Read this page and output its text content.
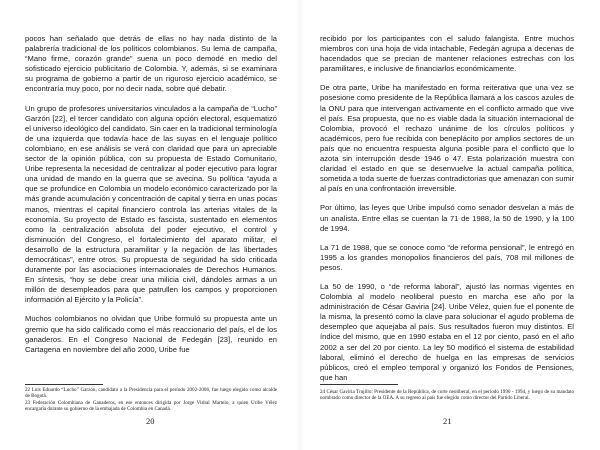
pocos han señalado que detrás de ellas no hay nada distinto de la palabrería tradicional de los políticos colombianos. Su lema de campaña, “Mano firme, corazón grande” suena un poco demodé en medio del sofisticado ejercicio publicitario de Colombia. Y, además, si se examinara su programa de gobierno a partir de un riguroso ejercicio académico, se encontraría muy poco, por no decir nada, sobre qué debatir.

Un grupo de profesores universitarios vinculados a la campaña de “Lucho” Garzón [22], el tercer candidato con alguna opción electoral, esquematizó el universo ideológico del candidato. Sin caer en la tradicional terminología de una izquierda que todavía hace de las suyas en el lenguaje político colombiano, en ese análisis se verá con claridad que para un apreciable sector de la opinión pública, con su propuesta de Estado Comunitario, Uribe representa la necesidad de centralizar al poder ejecutivo para lograr una unidad de mando en la guerra que se avecina. Su política “ayuda a que se profundice en Colombia un modelo económico caracterizado por la más grande acumulación y concentración de capital y tierra en unas pocas manos, mientras el capital financiero controla las arterias vitales de la economía. Su proyecto de Estado es fascista, sustentado en elementos como la centralización absoluta del poder ejecutivo, el control y disminución del Congreso, el fortalecimiento del aparato militar, el desarrollo de la estructura paramilitar y la negación de las libertades democráticas”, entre otros. Su propuesta de seguridad ha sido criticada duramente por las asociaciones internacionales de Derechos Humanos. En síntesis, “hoy se debe crear una milicia civil, dándoles armas a un millón de desempleados para que patrullen los campos y proporcionen información al Ejército y la Policía”.

Muchos colombianos no olvidan que Uribe formuló su propuesta ante un gremio que ha sido calificado como el más reaccionario del país, el de los ganaderos. En el Congreso Nacional de Fedegán [23], reunido en Cartagena en noviembre del año 2000, Uribe fue

22 Luis Eduardo “Lucho” Garzón, candidato a la Presidencia para el período 2002-2006, fue luego elegido como alcalde de Bogotá.
23 Federación Colombiana de Ganaderos, en ese entonces dirigida por Jorge Visbal Martelo, a quien Uribe Vélez encargaría durante su gobierno de la embajada de Colombia en Canadá.
20

recibido por los participantes con el saludo falangista. Entre muchos miembros con una hoja de vida intachable, Fedegán agrupa a decenas de hacendados que se precian de mantener relaciones estrechas con los paramilitares, e inclusive de financiarlos económicamente.

De otra parte, Uribe ha manifestado en forma reiterativa que una vez se posesione como presidente de la República llamará a los cascos azules de la ONU para que intervengan activamente en el conflicto armado que vive el país. Esa propuesta, que no es viable dada la situación internacional de Colombia, provocó el rechazo unánime de los círculos políticos y académicos, pero fue recibida con beneplácito por amplios sectores de un país que no encuentra respuesta alguna posible para el conflicto que lo azota sin interrupción desde 1946 o 47. Esta polarización muestra con claridad el estado en que se desenvuelve la actual campaña política, sometida a toda suerte de fuerzas contradictorias que amenazan con sumir al país en una confrontación irreversible.

Por último, las leyes que Uribe impulsó como senador desvelan a más de un analista. Entre ellas se cuentan la 71 de 1988, la 50 de 1990, y la 100 de 1994.

La 71 de 1988, que se conoce como “de reforma pensional”, le entregó en 1995 a los grandes monopolios financieros del país, 708 mil millones de pesos.

La 50 de 1990, o “de reforma laboral”, ajustó las normas vigentes en Colombia al modelo neoliberal puesto en marcha ese año por la administración de César Gaviria [24]. Uribe Vélez, quien fue el ponente de la misma, la presentó como la clave para solucionar el agudo problema de desempleo que aquejaba al país. Sus resultados fueron muy distintos. El índice del mismo, que en 1990 estaba en el 12 por ciento, pasó en el año 2002 a ser del 20 por ciento. La ley 50 modificó el sistema de estabilidad laboral, eliminó el derecho de huelga en las empresas de servicios públicos, creó el empleo temporal y organizó los Fondos de Pensiones, que han

24 César Gaviria Trujillo: Presidente de la República, de corte neoliberal, en el período 1990 - 1994, y luego de su mandato nombrado como director de la OEA. A su regreso al país fue elegido como director del Partido Liberal.
21
